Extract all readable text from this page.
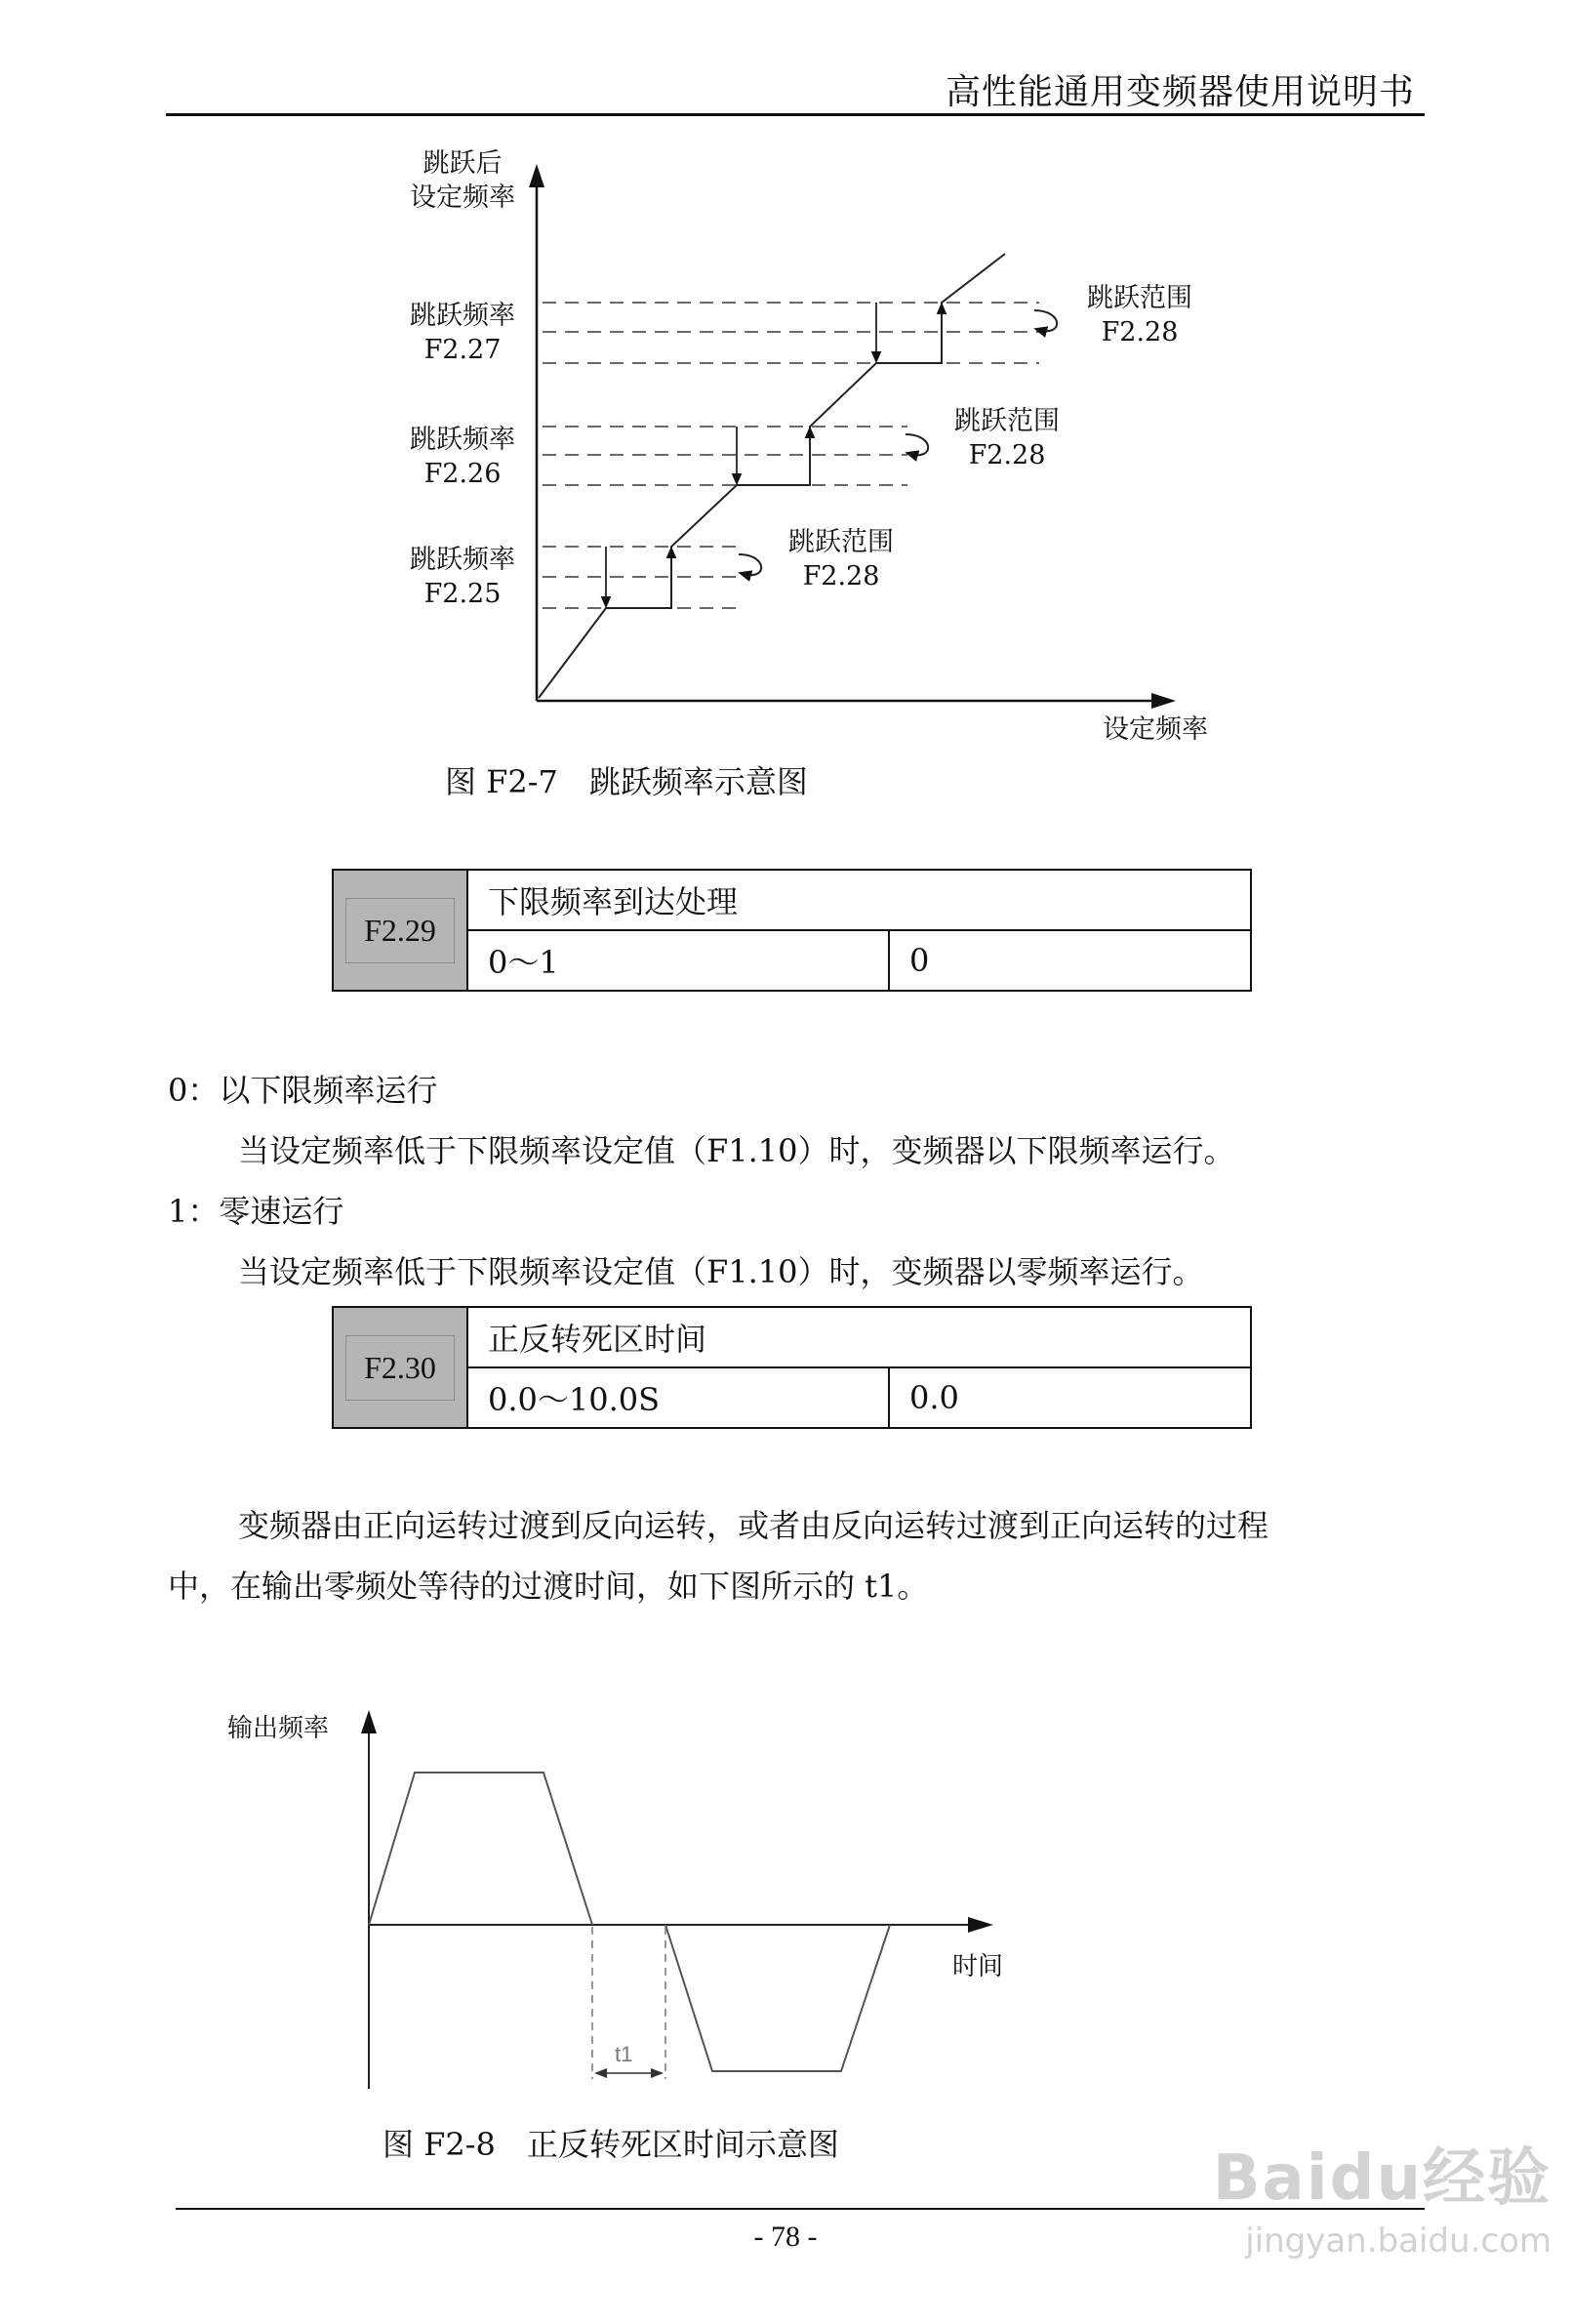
高性能通用变频器使用说明书
跳跃后
设定频率
设定频率
跳跃频率
F2.27
跳跃频率
F2.26
跳跃频率
F2.25
跳跃范围
F2.28
跳跃范围
F2.28
跳跃范围
F2.28
图 F2-7　跳跃频率示意图
F2.29	下限频率到达处理	
	0～1	0
0：以下限频率运行
当设定频率低于下限频率设定值（F1.10）时，变频器以下限频率运行。
1：零速运行
当设定频率低于下限频率设定值（F1.10）时，变频器以零频率运行。
F2.30	正反转死区时间	
	0.0～10.0S	0.0
变频器由正向运转过渡到反向运转，或者由反向运转过渡到正向运转的过程
中，在输出零频处等待的过渡时间，如下图所示的 t1。
输出频率
时间
t1
图 F2-8　正反转死区时间示意图
- 78 -
Baidu经验
jingyan.baidu.com
